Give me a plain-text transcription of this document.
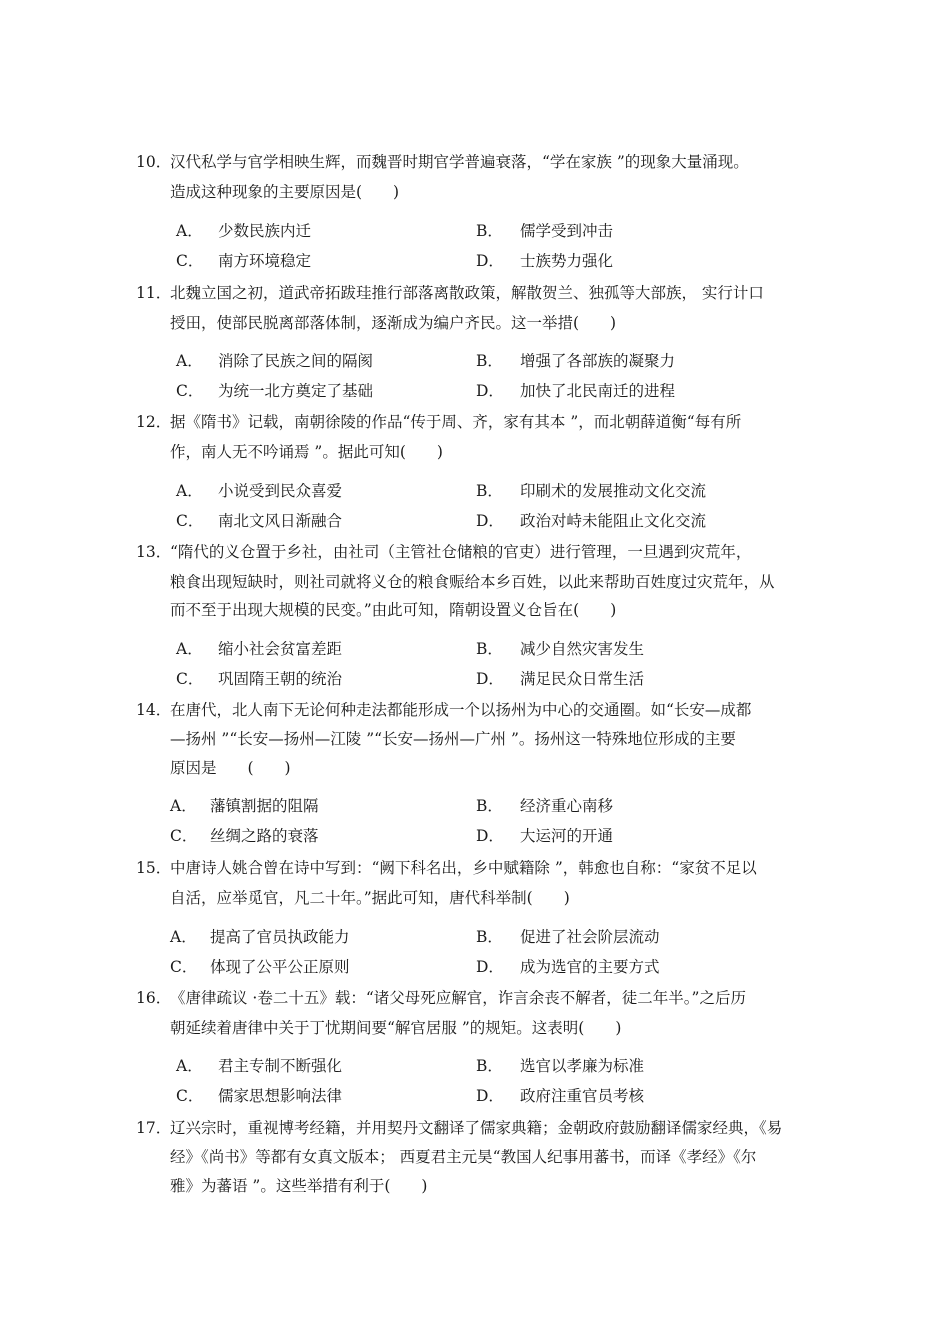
10．
汉代私学与官学相映生辉，而魏晋时期官学普遍衰落，“学在家族 ”的现象大量涌现。
造成这种现象的主要原因是(　　)
A． 少数民族内迁	B． 儒学受到冲击
C． 南方环境稳定	D． 士族势力强化
11．
北魏立国之初，道武帝拓跋珪推行部落离散政策，解散贺兰、独孤等大部族， 实行计口
授田，使部民脱离部落体制，逐渐成为编户齐民。这一举措(　　)
A． 消除了民族之间的隔阂	B． 增强了各部族的凝聚力
C． 为统一北方奠定了基础	D． 加快了北民南迁的进程
12．
据《隋书》记载，南朝徐陵的作品“传于周、齐，家有其本 ”，而北朝薛道衡“每有所
作，南人无不吟诵焉 ”。据此可知(　　)
A． 小说受到民众喜爱	B． 印刷术的发展推动文化交流
C． 南北文风日渐融合	D． 政治对峙未能阻止文化交流
13．
“隋代的义仓置于乡社，由社司（主管社仓储粮的官吏）进行管理，一旦遇到灾荒年，
粮食出现短缺时，则社司就将义仓的粮食赈给本乡百姓，以此来帮助百姓度过灾荒年，从
而不至于出现大规模的民变。”由此可知，隋朝设置义仓旨在(　　)
A． 缩小社会贫富差距	B． 减少自然灾害发生
C． 巩固隋王朝的统治	D． 满足民众日常生活
14．
在唐代，北人南下无论何种走法都能形成一个以扬州为中心的交通圈。如“长安—成都
—扬州 ”“长安—扬州—江陵 ”“长安—扬州—广州 ”。扬州这一特殊地位形成的主要
原因是　　(　　)
A． 藩镇割据的阻隔	B． 经济重心南移
C． 丝绸之路的衰落	D． 大运河的开通
15．
中唐诗人姚合曾在诗中写到：“阙下科名出，乡中赋籍除 ”，韩愈也自称：“家贫不足以
自活，应举觅官，凡二十年。”据此可知，唐代科举制(　　)
A． 提高了官员执政能力	B． 促进了社会阶层流动
C． 体现了公平公正原则	D． 成为选官的主要方式
16．
《唐律疏议 ·卷二十五》载：“诸父母死应解官，诈言余丧不解者，徒二年半。”之后历
朝延续着唐律中关于丁忧期间要“解官居服 ”的规矩。这表明(　　)
A． 君主专制不断强化	B． 选官以孝廉为标准
C． 儒家思想影响法律	D． 政府注重官员考核
17．
辽兴宗时，重视博考经籍，并用契丹文翻译了儒家典籍；金朝政府鼓励翻译儒家经典，《易
经》《尚书》等都有女真文版本； 西夏君主元昊“教国人纪事用蕃书，而译《孝经》《尔
雅》为蕃语 ”。这些举措有利于(　　)
